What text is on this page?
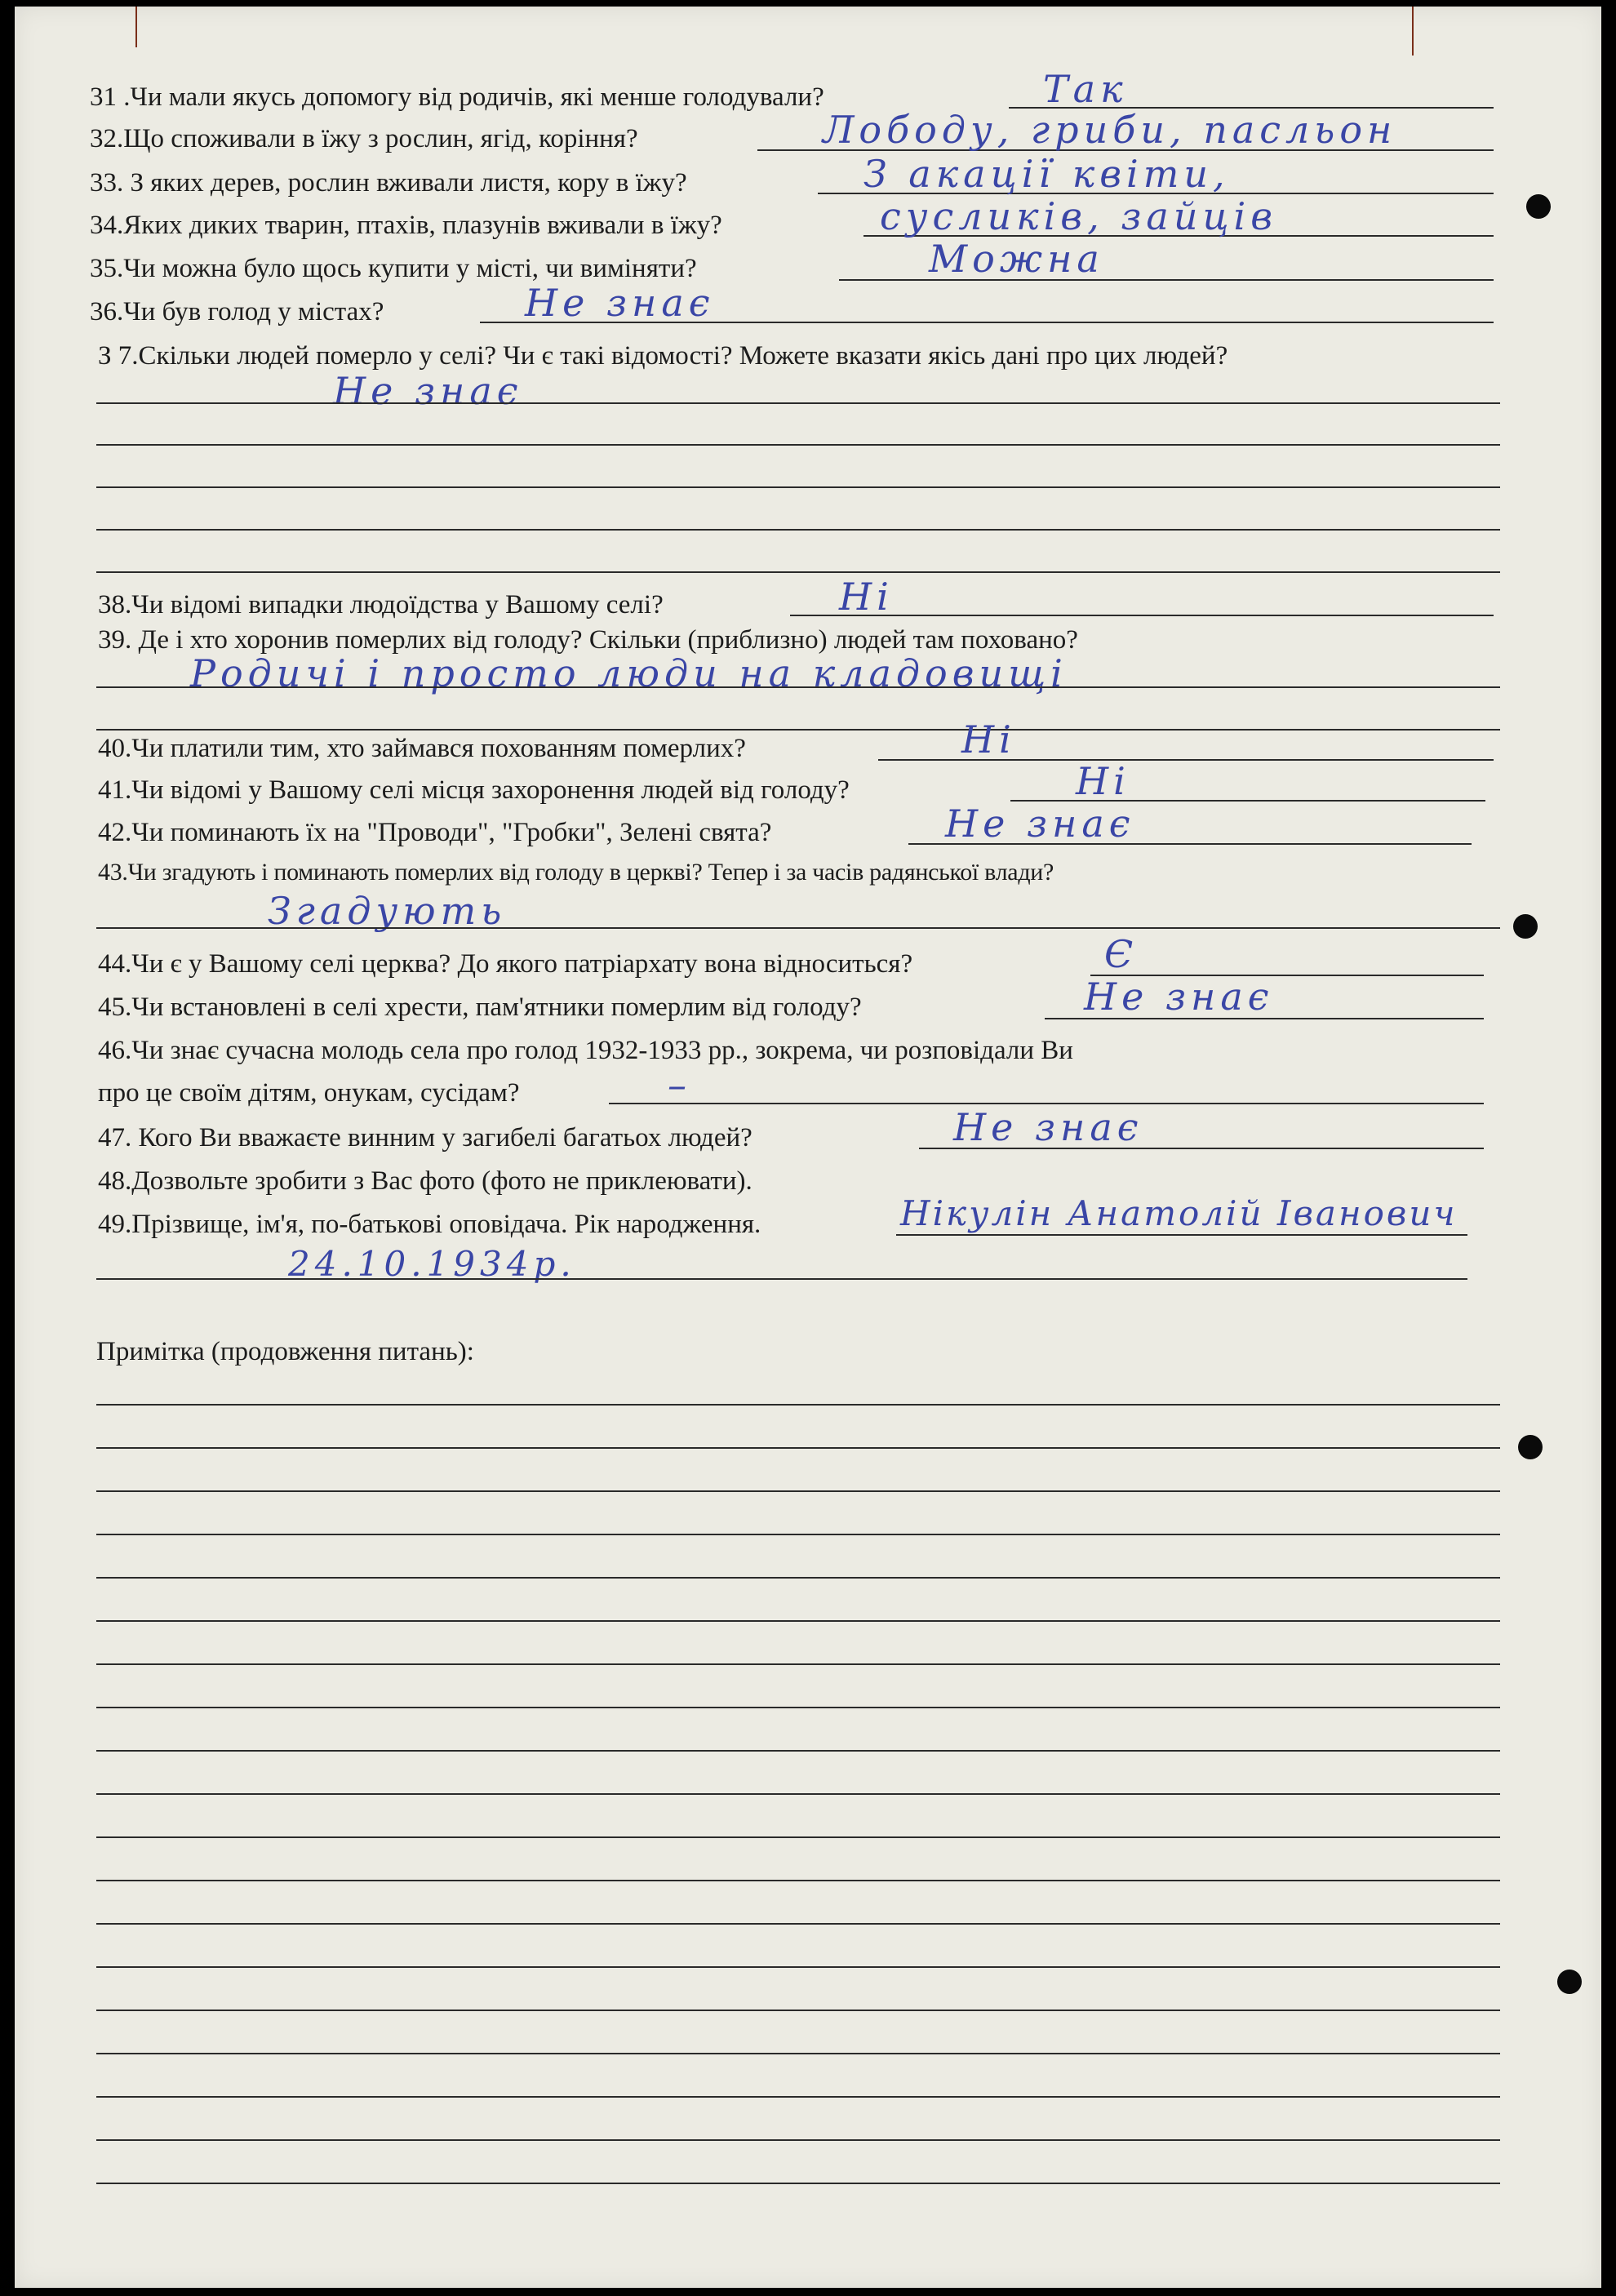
31 .Чи мали якусь допомогу від родичів, які менше голодували?	Так
32.Що споживали в їжу з рослин, ягід, коріння?	Лободу, гриби, пасльон
33. З яких дерев, рослин вживали листя, кору в їжу?	З акації квіти,
34.Яких диких тварин, птахів, плазунів вживали в їжу?	сусликів, зайців
35.Чи можна було щось купити у місті, чи виміняти?	Можна
36.Чи був голод у містах?	Не знає
З 7.Скільки людей померло у селі? Чи є такі відомості? Можете вказати якісь дані про цих людей?
Не знає
38.Чи відомі випадки людоїдства у Вашому селі?	Ні
39. Де і хто хоронив померлих від голоду? Скільки (приблизно) людей там поховано?
Родичі і просто люди на кладовищі
40.Чи платили тим, хто займався похованням померлих?	Ні
41.Чи відомі у Вашому селі місця захоронення людей від голоду?	Ні
42.Чи поминають їх на "Проводи", "Гробки", Зелені свята?	Не знає
43.Чи згадують і поминають померлих від голоду в церкві? Тепер і за часів радянської влади?
Згадують
44.Чи є у Вашому селі церква? До якого патріархату вона відноситься?	Є
45.Чи встановлені в селі хрести, пам'ятники померлим від голоду?	Не знає
46.Чи знає сучасна молодь села про голод 1932-1933 рр., зокрема, чи розповідали Ви
про це своїм дітям, онукам, сусідам?	–
47. Кого Ви вважаєте винним у загибелі багатьох людей?	Не знає
48.Дозвольте зробити з Вас фото (фото не приклеювати).
49.Прізвище, ім'я, по-батькові оповідача. Рік народження.	Нікулін Анатолій Іванович
24.10.1934р.
Примітка (продовження питань):
